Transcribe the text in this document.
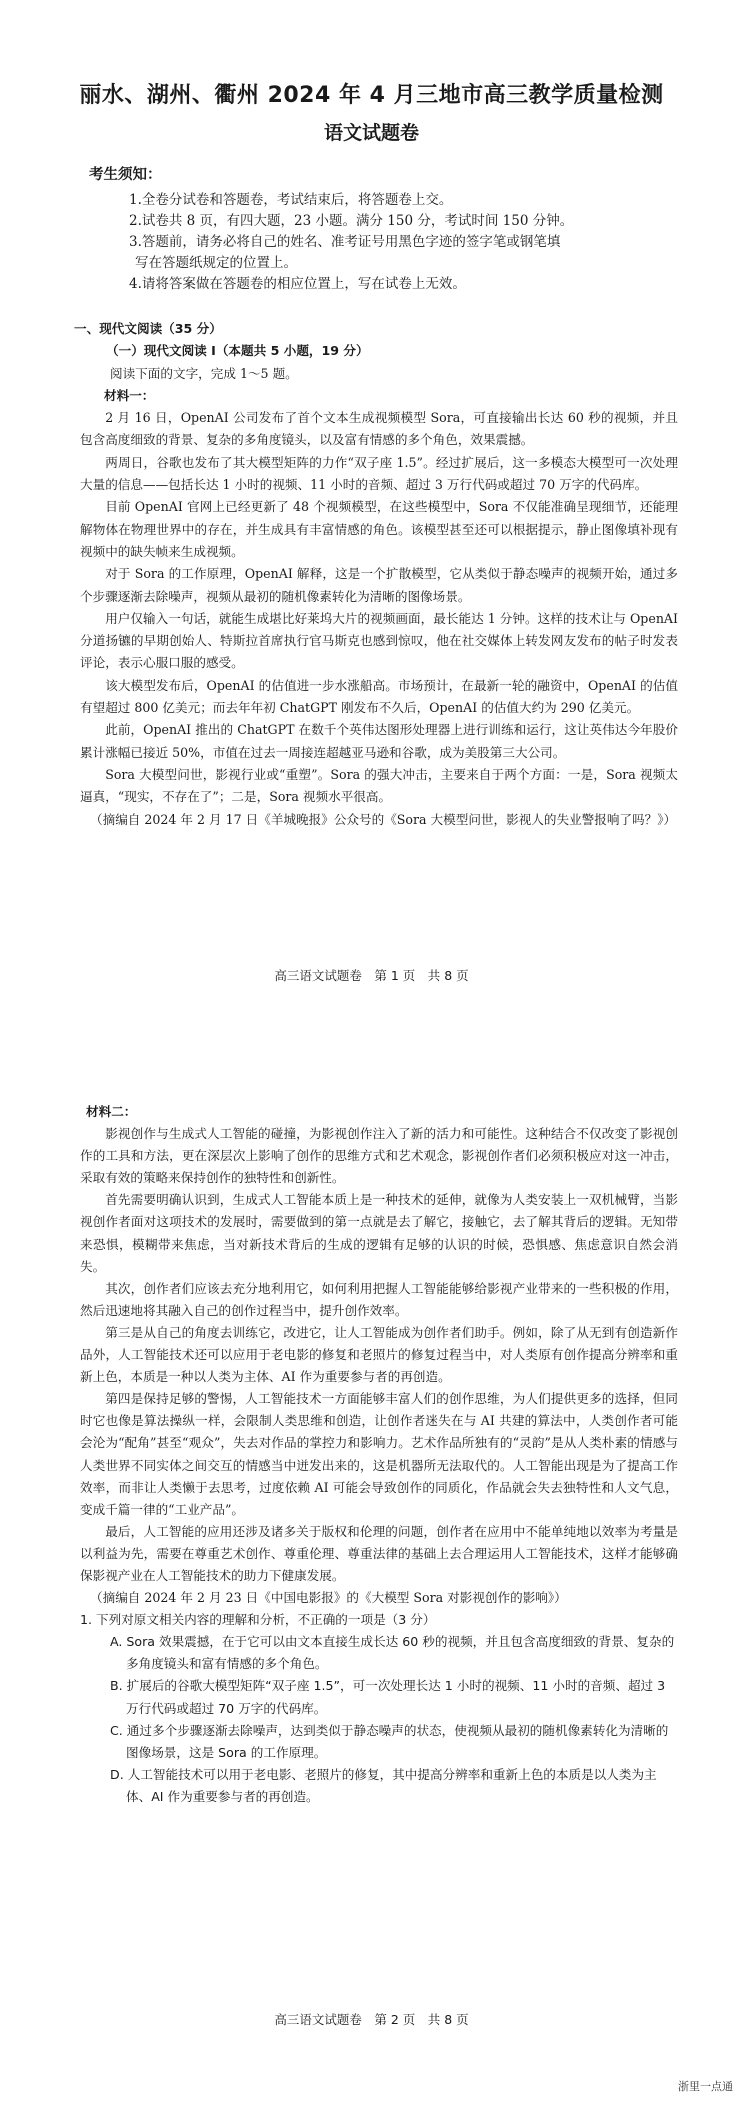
丽水、湖州、衢州 2024 年 4 月三地市高三教学质量检测
语文试题卷
考生须知：
1.全卷分试卷和答题卷，考试结束后，将答题卷上交。
2.试卷共 8 页，有四大题，23 小题。满分 150 分，考试时间 150 分钟。
3.答题前，请务必将自己的姓名、准考证号用黑色字迹的签字笔或钢笔填
写在答题纸规定的位置上。
4.请将答案做在答题卷的相应位置上，写在试卷上无效。
一、现代文阅读（35 分）
（一）现代文阅读 I（本题共 5 小题，19 分）
阅读下面的文字，完成 1～5 题。
材料一：
2 月 16 日，OpenAI 公司发布了首个文本生成视频模型 Sora，可直接输出长达 60 秒的视频，并且包含高度细致的背景、复杂的多角度镜头，以及富有情感的多个角色，效果震撼。
两周日，谷歌也发布了其大模型矩阵的力作“双子座 1.5”。经过扩展后，这一多模态大模型可一次处理大量的信息——包括长达 1 小时的视频、11 小时的音频、超过 3 万行代码或超过 70 万字的代码库。
目前 OpenAI 官网上已经更新了 48 个视频模型，在这些模型中，Sora 不仅能准确呈现细节，还能理解物体在物理世界中的存在，并生成具有丰富情感的角色。该模型甚至还可以根据提示，静止图像填补现有视频中的缺失帧来生成视频。
对于 Sora 的工作原理，OpenAI 解释，这是一个扩散模型，它从类似于静态噪声的视频开始，通过多个步骤逐渐去除噪声，视频从最初的随机像素转化为清晰的图像场景。
用户仅输入一句话，就能生成堪比好莱坞大片的视频画面，最长能达 1 分钟。这样的技术让与 OpenAI 分道扬镳的早期创始人、特斯拉首席执行官马斯克也感到惊叹，他在社交媒体上转发网友发布的帖子时发表评论，表示心服口服的感受。
该大模型发布后，OpenAI 的估值进一步水涨船高。市场预计，在最新一轮的融资中，OpenAI 的估值有望超过 800 亿美元；而去年年初 ChatGPT 刚发布不久后，OpenAI 的估值大约为 290 亿美元。
此前，OpenAI 推出的 ChatGPT 在数千个英伟达图形处理器上进行训练和运行，这让英伟达今年股价累计涨幅已接近 50%，市值在过去一周接连超越亚马逊和谷歌，成为美股第三大公司。
Sora 大模型问世，影视行业或“重塑”。Sora 的强大冲击，主要来自于两个方面：一是，Sora 视频太逼真，“现实，不存在了”；二是，Sora 视频水平很高。
（摘编自 2024 年 2 月 17 日《羊城晚报》公众号的《Sora 大模型问世，影视人的失业警报响了吗？》）
高三语文试题卷　第 1 页　共 8 页
高三语文试题卷　第 2 页　共 8 页
材料二：
影视创作与生成式人工智能的碰撞，为影视创作注入了新的活力和可能性。这种结合不仅改变了影视创作的工具和方法，更在深层次上影响了创作的思维方式和艺术观念，影视创作者们必须积极应对这一冲击，采取有效的策略来保持创作的独特性和创新性。
首先需要明确认识到，生成式人工智能本质上是一种技术的延伸，就像为人类安装上一双机械臂，当影视创作者面对这项技术的发展时，需要做到的第一点就是去了解它，接触它，去了解其背后的逻辑。无知带来恐惧，模糊带来焦虑，当对新技术背后的生成的逻辑有足够的认识的时候，恐惧感、焦虑意识自然会消失。
其次，创作者们应该去充分地利用它，如何利用把握人工智能能够给影视产业带来的一些积极的作用，然后迅速地将其融入自己的创作过程当中，提升创作效率。
第三是从自己的角度去训练它，改进它，让人工智能成为创作者们助手。例如，除了从无到有创造新作品外，人工智能技术还可以应用于老电影的修复和老照片的修复过程当中，对人类原有创作提高分辨率和重新上色，本质是一种以人类为主体、AI 作为重要参与者的再创造。
第四是保持足够的警惕，人工智能技术一方面能够丰富人们的创作思维，为人们提供更多的选择，但同时它也像是算法操纵一样，会限制人类思维和创造，让创作者迷失在与 AI 共建的算法中，人类创作者可能会沦为“配角”甚至“观众”，失去对作品的掌控力和影响力。艺术作品所独有的“灵韵”是从人类朴素的情感与人类世界不同实体之间交互的情感当中迸发出来的，这是机器所无法取代的。人工智能出现是为了提高工作效率，而非让人类懒于去思考，过度依赖 AI 可能会导致创作的同质化，作品就会失去独特性和人文气息，变成千篇一律的“工业产品”。
最后，人工智能的应用还涉及诸多关于版权和伦理的问题，创作者在应用中不能单纯地以效率为考量是以利益为先，需要在尊重艺术创作、尊重伦理、尊重法律的基础上去合理运用人工智能技术，这样才能够确保影视产业在人工智能技术的助力下健康发展。
（摘编自 2024 年 2 月 23 日《中国电影报》的《大模型 Sora 对影视创作的影响》）
1. 下列对原文相关内容的理解和分析，不正确的一项是（3 分）
A. Sora 效果震撼，在于它可以由文本直接生成长达 60 秒的视频，并且包含高度细致的背景、复杂的多角度镜头和富有情感的多个角色。
B. 扩展后的谷歌大模型矩阵“双子座 1.5”，可一次处理长达 1 小时的视频、11 小时的音频、超过 3 万行代码或超过 70 万字的代码库。
C. 通过多个步骤逐渐去除噪声，达到类似于静态噪声的状态，使视频从最初的随机像素转化为清晰的图像场景，这是 Sora 的工作原理。
D. 人工智能技术可以用于老电影、老照片的修复，其中提高分辨率和重新上色的本质是以人类为主体、AI 作为重要参与者的再创造。
浙里一点通
